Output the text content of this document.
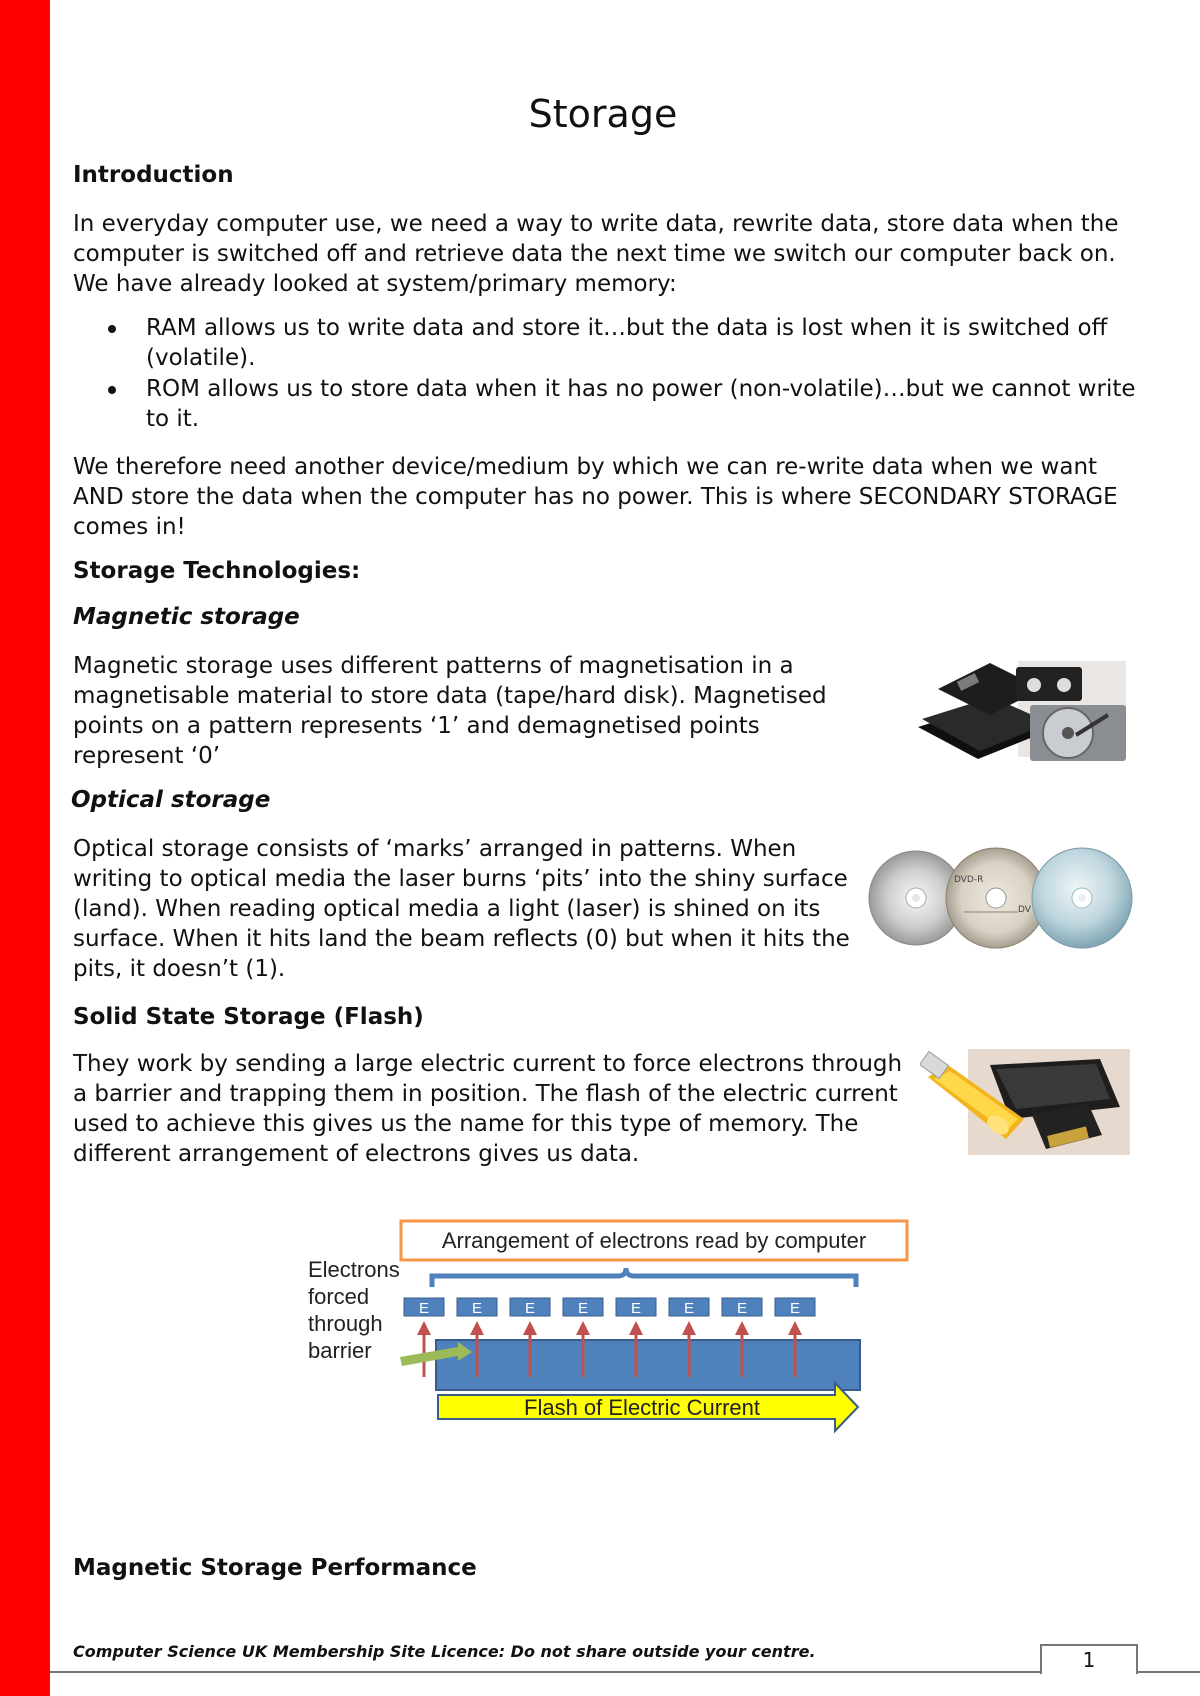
Storage
Introduction

In everyday computer use, we need a way to write data, rewrite data, store data when the computer is switched off and retrieve data the next time we switch our computer back on. We have already looked at system/primary memory:

RAM allows us to write data and store it…but the data is lost when it is switched off (volatile).
ROM allows us to store data when it has no power (non-volatile)…but we cannot write to it.

We therefore need another device/medium by which we can re-write data when we want AND store the data when the computer has no power. This is where SECONDARY STORAGE comes in!

Storage Technologies:
Magnetic storage

Magnetic storage uses different patterns of magnetisation in a magnetisable material to store data (tape/hard disk). Magnetised points on a pattern represents ‘1’ and demagnetised points represent ‘0’

Optical storage

Optical storage consists of ‘marks’ arranged in patterns. When writing to optical media the laser burns ‘pits’ into the shiny surface (land). When reading optical media a light (laser) is shined on its surface. When it hits land the beam reflects (0) but when it hits the pits, it doesn’t (1).

Solid State Storage (Flash)

They work by sending a large electric current to force electrons through a barrier and trapping them in position. The flash of the electric current used to achieve this gives us the name for this type of memory. The different arrangement of electrons gives us data.

Magnetic Storage Performance
DVD-R
DV
Arrangement of electrons read by computer
Electrons
forced
through
barrier
E	E	E	E	E	E	E	E
Flash of Electric Current

Computer Science UK Membership Site Licence: Do not share outside your centre.	1
